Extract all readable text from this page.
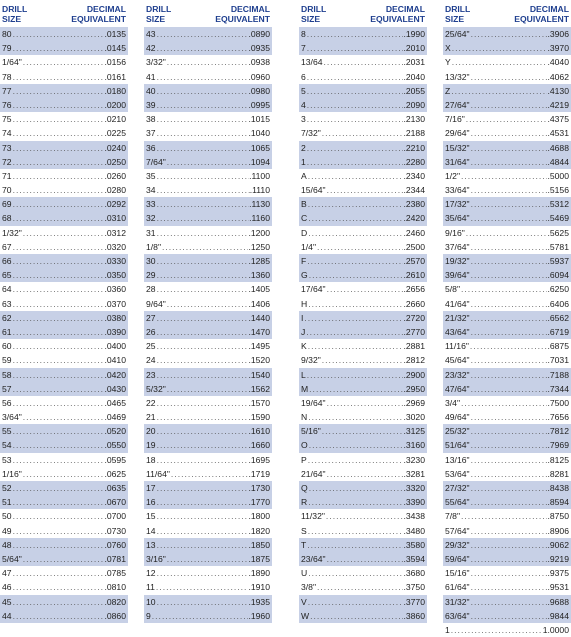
DRILL
SIZE
DECIMAL
EQUIVALENT
80 .....	.0135
79 .....	.0145
1/64" .....	.0156
78 .....	.0161
77 .....	.0180
76 .....	.0200
75 .....	.0210
74 .....	.0225
73 .....	.0240
72 .....	.0250
71 .....	.0260
70 .....	.0280
69 .....	.0292
68 .....	.0310
1/32" .....	.0312
67 .....	.0320
66 .....	.0330
65 .....	.0350
64 .....	.0360
63 .....	.0370
62 .....	.0380
61 .....	.0390
60 .....	.0400
59 .....	.0410
58 .....	.0420
57 .....	.0430
56 .....	.0465
3/64" .....	.0469
55 .....	.0520
54 .....	.0550
53 .....	.0595
1/16" .....	.0625
52 .....	.0635
51 .....	.0670
50 .....	.0700
49 .....	.0730
48 .....	.0760
5/64" .....	.0781
47 .....	.0785
46 .....	.0810
45 .....	.0820
44 .....	.0860
DRILL
SIZE
DECIMAL
EQUIVALENT
43 .....	.0890
42 .....	.0935
3/32" .....	.0938
41 .....	.0960
40 .....	.0980
39 .....	.0995
38 .....	.1015
37 .....	.1040
36 .....	.1065
7/64" .....	.1094
35 .....	.1100
34 .....	.1110
33 .....	.1130
32 .....	.1160
31 .....	.1200
1/8" .....	.1250
30 .....	.1285
29 .....	.1360
28 .....	.1405
9/64" .....	.1406
27 .....	.1440
26 .....	.1470
25 .....	.1495
24 .....	.1520
23 .....	.1540
5/32" .....	.1562
22 .....	.1570
21 .....	.1590
20 .....	.1610
19 .....	.1660
18 .....	.1695
11/64" .....	.1719
17 .....	.1730
16 .....	.1770
15 .....	.1800
14 .....	.1820
13 .....	.1850
3/16" .....	.1875
12 .....	.1890
11 .....	.1910
10 .....	.1935
9 .....	.1960
DRILL
SIZE
DECIMAL
EQUIVALENT
8 .....	.1990
7 .....	.2010
13/64 .....	.2031
6 .....	.2040
5 .....	.2055
4 .....	.2090
3 .....	.2130
7/32" .....	.2188
2 .....	.2210
1 .....	.2280
A .....	.2340
15/64" .....	.2344
B .....	.2380
C .....	.2420
D .....	.2460
1/4" .....	.2500
F .....	.2570
G .....	.2610
17/64" .....	.2656
H .....	.2660
I .....	.2720
J .....	.2770
K .....	.2881
9/32" .....	.2812
L .....	.2900
M .....	.2950
19/64" .....	.2969
N .....	.3020
5/16" .....	.3125
O .....	.3160
P .....	.3230
21/64" .....	.3281
Q .....	.3320
R .....	.3390
11/32" .....	.3438
S .....	.3480
T .....	.3580
23/64" .....	.3594
U .....	.3680
3/8" .....	.3750
V .....	.3770
W .....	.3860
DRILL
SIZE
DECIMAL
EQUIVALENT
25/64" .....	.3906
X .....	.3970
Y .....	.4040
13/32" .....	.4062
Z .....	.4130
27/64" .....	.4219
7/16" .....	.4375
29/64" .....	.4531
15/32" .....	.4688
31/64" .....	.4844
1/2" .....	.5000
33/64" .....	.5156
17/32" .....	.5312
35/64" .....	.5469
9/16" .....	.5625
37/64" .....	.5781
19/32" .....	.5937
39/64" .....	.6094
5/8" .....	.6250
41/64" .....	.6406
21/32" .....	.6562
43/64" .....	.6719
11/16" .....	.6875
45/64" .....	.7031
23/32" .....	.7188
47/64" .....	.7344
3/4" .....	.7500
49/64" .....	.7656
25/32" .....	.7812
51/64" .....	.7969
13/16" .....	.8125
53/64" .....	.8281
27/32" .....	.8438
55/64" .....	.8594
7/8" .....	.8750
57/64" .....	.8906
29/32" .....	.9062
59/64" .....	.9219
15/16" .....	.9375
61/64" .....	.9531
31/32" .....	.9688
63/64" .....	.9844
1 .....	1.0000
